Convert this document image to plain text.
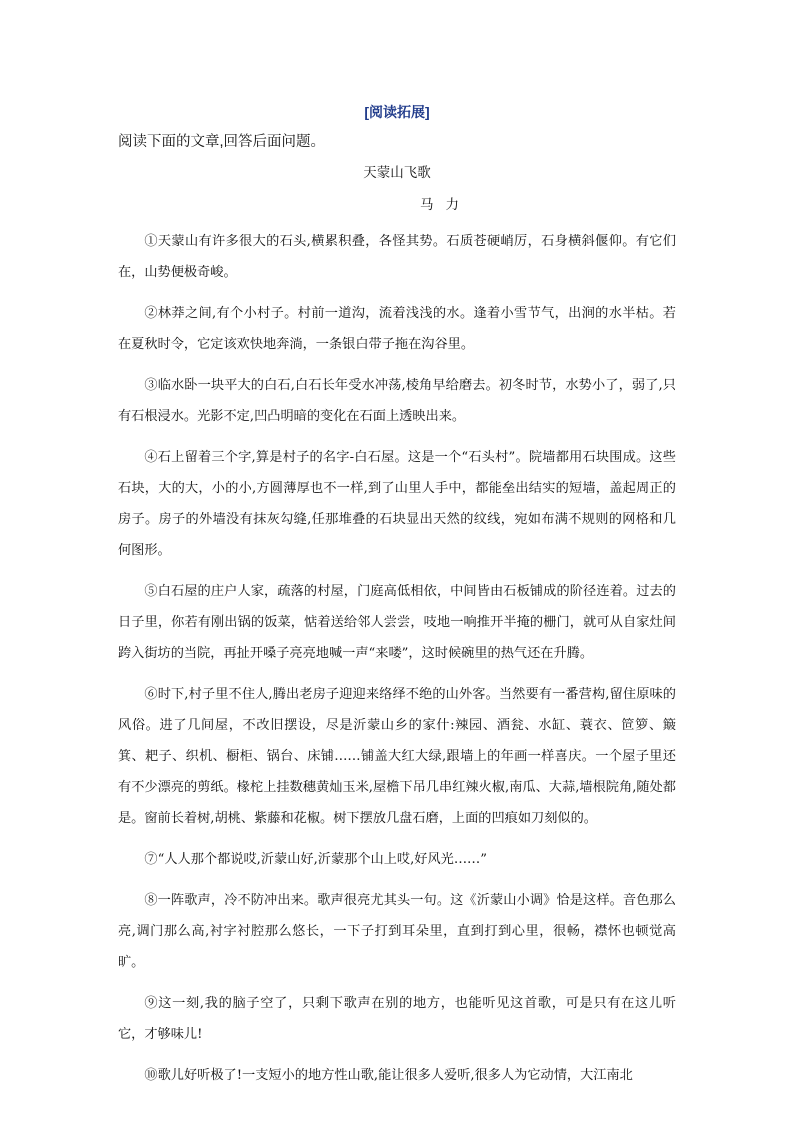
[阅读拓展]
阅读下面的文章,回答后面问题。
天蒙山飞歌
马力

①天蒙山有许多很大的石头,横累积叠，各怪其势。石质苍硬峭厉，石身横斜偃仰。有它们在，山势便极奇峻。

②林莽之间,有个小村子。村前一道沟，流着浅浅的水。逢着小雪节气，出涧的水半枯。若在夏秋时令，它定该欢快地奔淌，一条银白带子拖在沟谷里。

③临水卧一块平大的白石,白石长年受水冲荡,棱角早给磨去。初冬时节，水势小了，弱了,只有石根浸水。光影不定,凹凸明暗的变化在石面上透映出来。

④石上留着三个字,算是村子的名字-白石屋。这是一个“石头村”。院墙都用石块围成。这些石块，大的大，小的小,方圆薄厚也不一样,到了山里人手中，都能垒出结实的短墙，盖起周正的房子。房子的外墙没有抹灰勾缝,任那堆叠的石块显出天然的纹线，宛如布满不规则的网格和几何图形。

⑤白石屋的庄户人家，疏落的村屋，门庭高低相依，中间皆由石板铺成的阶径连着。过去的日子里，你若有刚出锅的饭菜，惦着送给邻人尝尝，吱地一响推开半掩的栅门，就可从自家灶间跨入街坊的当院，再扯开嗓子亮亮地喊一声“来喽”，这时候碗里的热气还在升腾。

⑥时下,村子里不住人,腾出老房子迎迎来络绎不绝的山外客。当然要有一番营构,留住原味的风俗。进了几间屋，不改旧摆设，尽是沂蒙山乡的家什:辣园、酒瓮、水缸、蓑衣、笸箩、簸箕、耙子、织机、橱柜、锅台、床铺……铺盖大红大绿,跟墙上的年画一样喜庆。一个屋子里还有不少漂亮的剪纸。椽柁上挂数穗黄灿玉米,屋檐下吊几串红辣火椒,南瓜、大蒜,墙根院角,随处都是。窗前长着树,胡桃、紫藤和花椒。树下摆放几盘石磨，上面的凹痕如刀刻似的。

⑦“人人那个都说哎,沂蒙山好,沂蒙那个山上哎,好风光……”

⑧一阵歌声，冷不防冲出来。歌声很亮尤其头一句。这《沂蒙山小调》恰是这样。音色那么亮,调门那么高,衬字衬腔那么悠长，一下子打到耳朵里，直到打到心里，很畅，襟怀也顿觉高旷。

⑨这一刻,我的脑子空了，只剩下歌声在别的地方，也能听见这首歌，可是只有在这儿听它，才够味儿!

⑩歌儿好听极了!一支短小的地方性山歌,能让很多人爱听,很多人为它动情，大江南北
